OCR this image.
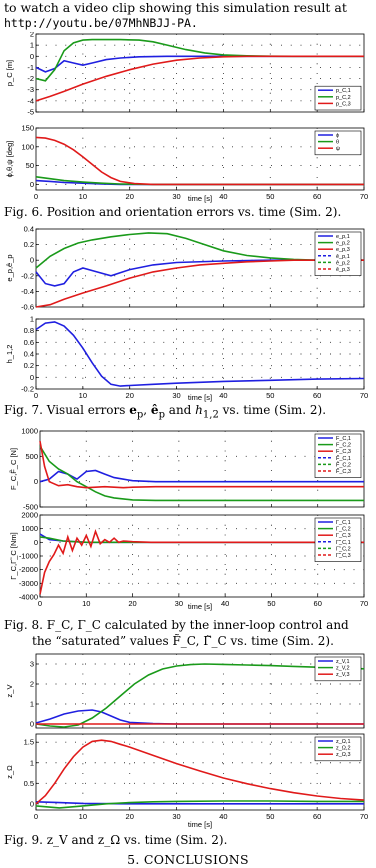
to watch a video clip showing this simulation result at
http://youtu.be/07MhNBJJ-PA.
2
1
0
-1
-2
-3
-4
-5
p_C [m]
p_C,1
p_C,2
p_C,3
0	10	20	30	40	50	60	70
150
100
50
0
ϕ,θ,ψ [deg]
ϕ
θ
ψ
time [s]
Fig. 6. Position and orientation errors vs. time (Sim. 2).
0.4
0.2
0
-0.2
-0.4
-0.6
e_p,ê_p
e_p,1
e_p,2
e_p,3
ê_p,1
ê_p,2
ê_p,3
0	10	20	30	40	50	60	70
1
0.8
0.6
0.4
0.2
0
-0.2
h_1,2
time [s]
Fig. 7. Visual errors $e_p$, $ê_p$ and $h_{1,2}$ vs. time (Sim. 2).
1000
500
0
-500
F_C,F̃_C [N]
F_C,1
F_C,2
F_C,3
F̃_C,1
F̃_C,2
F̃_C,3
0	10	20	30	40	50	60	70
2000
1000
0
-1000
-2000
-3000
-4000
Γ_C,Γ̃_C [Nm]
Γ_C,1
Γ_C,2
Γ_C,3
Γ̃_C,1
Γ̃_C,2
Γ̃_C,3
time [s]
Fig. 8. F_C, Γ_C calculated by the inner-loop control and
the “saturated” values F̃_C, Γ̃_C vs. time (Sim. 2).
3
2
1
0
z_V
z_V,1
z_V,2
z_V,3
0	10	20	30	40	50	60	70
1.5
1
0.5
0
z_Ω
z_Ω,1
z_Ω,2
z_Ω,3
time [s]
Fig. 9. z_V and z_Ω vs. time (Sim. 2).
5. CONCLUSIONS
